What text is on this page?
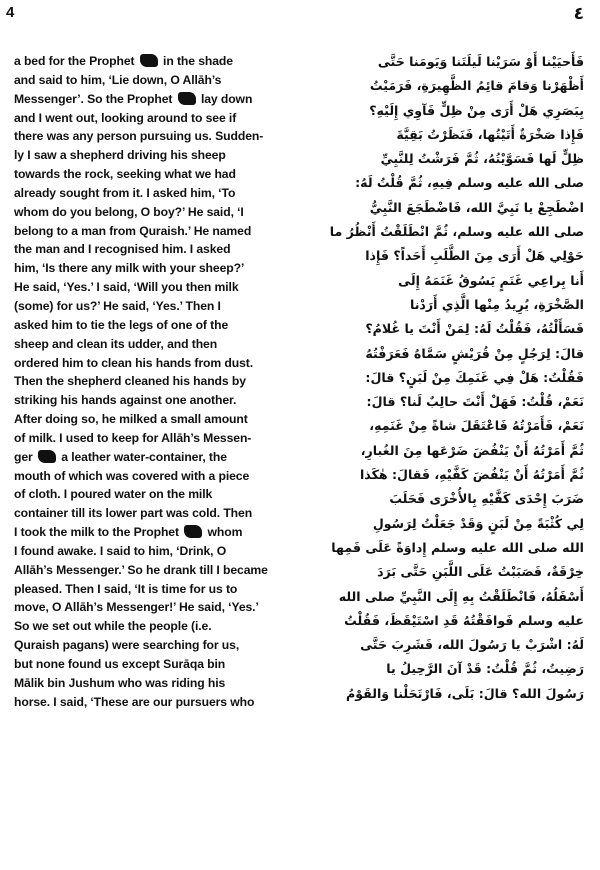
4	٤
a bed for the Prophet  in the shade
and said to him, ‘Lie down, O Allāh’s
Messenger’. So the Prophet  lay down
and I went out, looking around to see if
there was any person pursuing us. Sudden-
ly I saw a shepherd driving his sheep
towards the rock, seeking what we had
already sought from it. I asked him, ‘To
whom do you belong, O boy?’ He said, ‘I
belong to a man from Quraish.’ He named
the man and I recognised him. I asked
him, ‘Is there any milk with your sheep?’
He said, ‘Yes.’ I said, ‘Will you then milk
(some) for us?’ He said, ‘Yes.’ Then I
asked him to tie the legs of one of the
sheep and clean its udder, and then
ordered him to clean his hands from dust.
Then the shepherd cleaned his hands by
striking his hands against one another.
After doing so, he milked a small amount
of milk. I used to keep for Allāh’s Messen-
ger  a leather water-container, the
mouth of which was covered with a piece
of cloth. I poured water on the milk
container till its lower part was cold. Then
I took the milk to the Prophet  whom
I found awake. I said to him, ‘Drink, O
Allāh’s Messenger.’ So he drank till I became
pleased. Then I said, ‘It is time for us to
move, O Allāh’s Messenger!’ He said, ‘Yes.’
So we set out while the people (i.e.
Quraish pagans) were searching for us,
but none found us except Surāqa bin
Mālik bin Jushum who was riding his
horse. I said, ‘These are our pursuers who
فَأَحيَيْنا أَوْ سَرَيْنا لَيلَتَنا وَيَومَنا حَتَّى
أَظْهَرْنا وَقامَ قائِمُ الظَّهِيرَةِ، فَرَمَيْتُ
بِبَصَرِي هَلْ أَرَى مِنْ ظِلٍّ فَآوِي إِلَيْهِ؟
فَإِذا صَخْرَةٌ أَتَيْتُها، فَنَظَرْتُ بَقِيَّةَ
ظِلٍّ لَها فَسَوَّيْتُهُ، ثُمَّ فَرَشْتُ لِلنَّبِيِّ
صلى الله عليه وسلم فِيهِ، ثُمَّ قُلْتُ لَهُ:
اضْطَجِعْ يا نَبِيَّ الله، فَاضْطَجَعَ النَّبِيُّ
صلى الله عليه وسلم، ثُمَّ انْطَلَقْتُ أَنْظُرُ ما
حَوْلِي هَلْ أَرَى مِنَ الطَّلَبِ أَحَداً؟ فَإِذا
أَنا بِراعِي غَنَمٍ يَسُوقُ غَنَمَهُ إِلَى
الصَّخْرَةِ، يُرِيدُ مِنْها الَّذِي أَرَدْنا
فَسَأَلْتُهُ، فَقُلْتُ لَهُ: لِمَنْ أَنْتَ يا غُلامُ؟
قالَ: لِرَجُلٍ مِنْ قُرَيْشٍ سَمَّاهُ فَعَرَفْتُهُ
فَقُلْتُ: هَلْ فِي غَنَمِكَ مِنْ لَبَنٍ؟ قالَ:
نَعَمْ، قُلْتُ: فَهَلْ أَنْتَ حالِبٌ لَنا؟ قالَ:
نَعَمْ، فَأَمَرْتُهُ فَاعْتَقَلَ شاةً مِنْ غَنَمِهِ،
ثُمَّ أَمَرْتُهُ أَنْ يَنْفُضَ ضَرْعَها مِنَ الغُبارِ،
ثُمَّ أَمَرْتُهُ أَنْ يَنْفُضَ كَفَّيْهِ، فَقالَ: هٰكَذا
ضَرَبَ إِحْدَى كَفَّيْهِ بِالأُخْرَى فَحَلَبَ
لِي كُثْبَةً مِنْ لَبَنٍ وَقَدْ جَعَلْتُ لِرَسُولِ
الله صلى الله عليه وسلم إِداوَةً عَلَى فَمِها
خِرْقَةٌ، فَصَبَبْتُ عَلَى اللَّبَنِ حَتَّى بَرَدَ
أَسْفَلُهُ، فَانْطَلَقْتُ بِهِ إِلَى النَّبِيِّ صلى الله
عليه وسلم فَوافَقْتُهُ قَدِ اسْتَيْقَظَ، فَقُلْتُ
لَهُ: اشْرَبْ يا رَسُولَ الله، فَشَرِبَ حَتَّى
رَضِيتُ، ثُمَّ قُلْتُ: قَدْ آنَ الرَّحِيلُ يا
رَسُولَ الله؟ قالَ: بَلَى، فَارْتَحَلْنا وَالقَوْمُ
